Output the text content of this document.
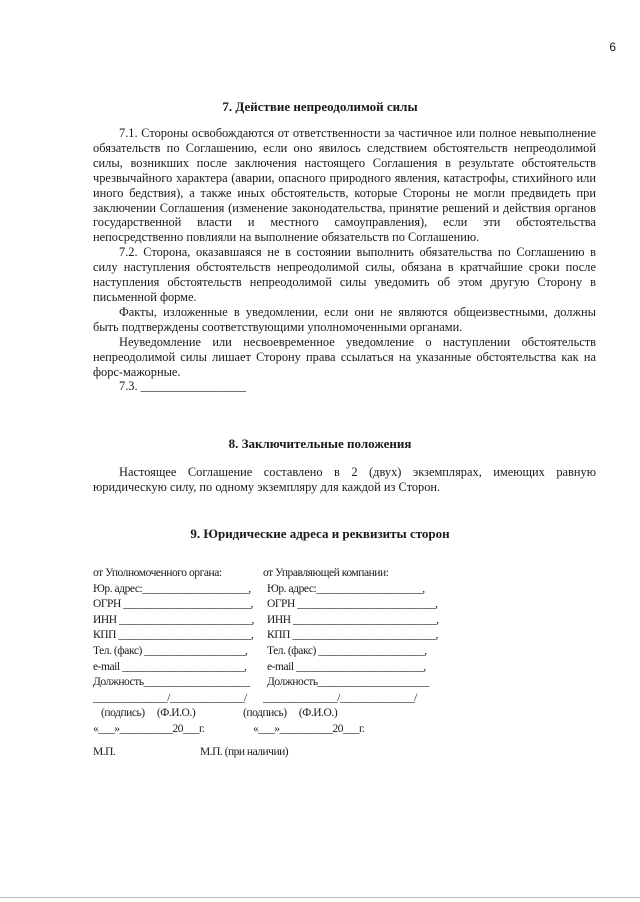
6
7. Действие непреодолимой силы

7.1. Стороны освобождаются от ответственности за частичное или полное невыполнение обязательств по Соглашению, если оно явилось следствием обстоятельств непреодолимой силы, возникших после заключения настоящего Соглашения в результате обстоятельств чрезвычайного характера (аварии, опасного природного явления, катастрофы, стихийного или иного бедствия), а также иных обстоятельств, которые Стороны не могли предвидеть при заключении Соглашения (изменение законодательства, принятие решений и действия органов государственной власти и местного самоуправления), если эти обстоятельства непосредственно повлияли на выполнение обязательств по Соглашению.

7.2. Сторона, оказавшаяся не в состоянии выполнить обязательства по Соглашению в силу наступления обстоятельств непреодолимой силы, обязана в кратчайшие сроки после наступления обстоятельств непреодолимой силы уведомить об этом другую Сторону в письменной форме.

Факты, изложенные в уведомлении, если они не являются общеизвестными, должны быть подтверждены соответствующими уполномоченными органами.

Неуведомление или несвоевременное уведомление о наступлении обстоятельств непреодолимой силы лишает Сторону права ссылаться на указанные обстоятельства как на форс-мажорные.

7.3. _________________

8. Заключительные положения

Настоящее Соглашение составлено в 2 (двух) экземплярах, имеющих равную юридическую силу, по одному экземпляру для каждой из Сторон.

9. Юридические адреса и реквизиты сторон
от Уполномоченного органа:	от Управляющей компании:
Юр. адрес:____________________, Юр. адрес:____________________,
ОГРН ________________________, ОГРН __________________________,
ИНН _________________________, ИНН ___________________________,
КПП _________________________, КПП ___________________________,
Тел. (факс) ___________________, Тел. (факс) ____________________,
e-mail _______________________, e-mail ________________________,
Должность____________________ Должность_____________________
______________/______________/ ______________/______________/
(подпись)     (Ф.И.О.)	(подпись)     (Ф.И.О.)
«___»__________20___г.	«___»__________20___г.
М.П.	М.П. (при наличии)
